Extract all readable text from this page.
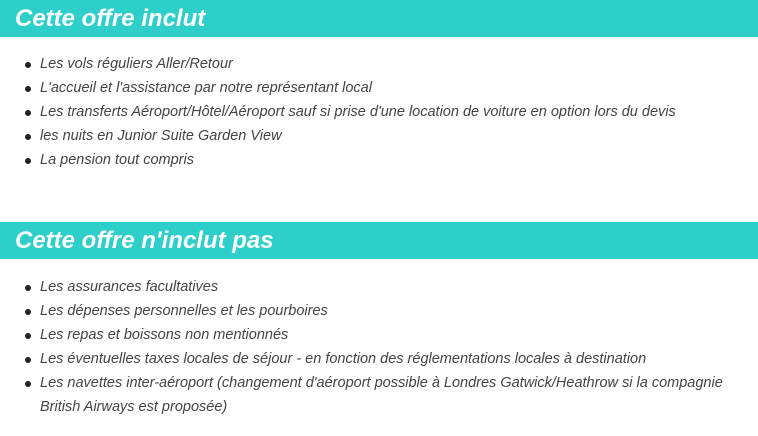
Cette offre inclut
Les vols réguliers Aller/Retour
L'accueil et l'assistance par notre représentant local
Les transferts Aéroport/Hôtel/Aéroport sauf si prise d'une location de voiture en option lors du devis
les nuits en Junior Suite Garden View
La pension tout compris
Cette offre n'inclut pas
Les assurances facultatives
Les dépenses personnelles et les pourboires
Les repas et boissons non mentionnés
Les éventuelles taxes locales de séjour - en fonction des réglementations locales à destination
Les navettes inter-aéroport (changement d'aéroport possible à Londres Gatwick/Heathrow si la compagnie British Airways est proposée)
